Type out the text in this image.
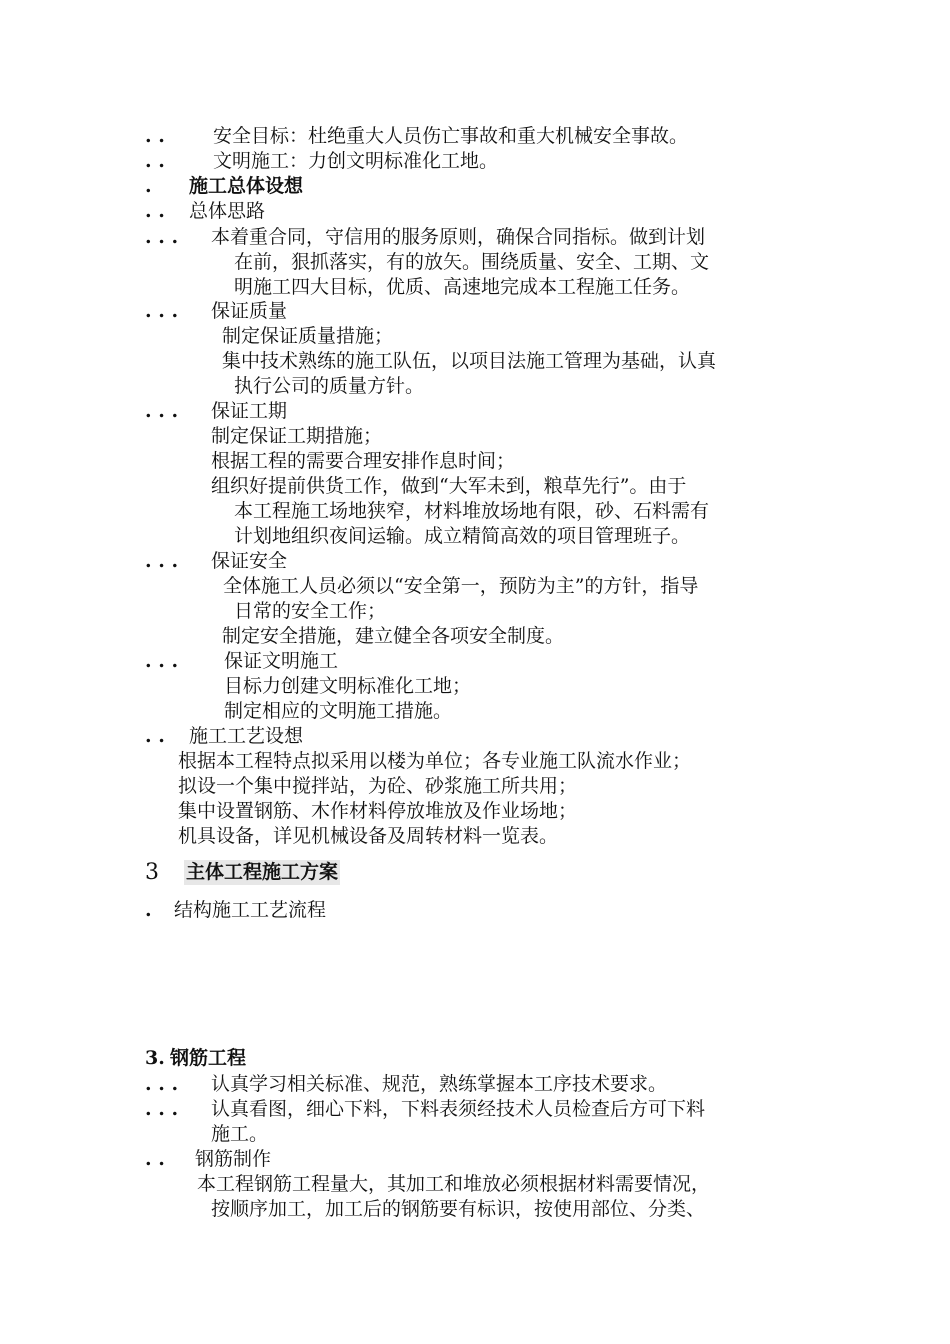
. .	安全目标：杜绝重大人员伤亡事故和重大机械安全事故。
. .	文明施工：力创文明标准化工地。
. 施工总体设想
. . 总体思路
. . . 本着重合同，守信用的服务原则，确保合同指标。做到计划
在前，狠抓落实，有的放矢。围绕质量、安全、工期、文
明施工四大目标，优质、高速地完成本工程施工任务。
. . . 保证质量
制定保证质量措施；
集中技术熟练的施工队伍，以项目法施工管理为基础，认真
执行公司的质量方针。
. . . 保证工期
制定保证工期措施；
根据工程的需要合理安排作息时间；
组织好提前供货工作，做到“大军未到，粮草先行”。由于
本工程施工场地狭窄，材料堆放场地有限，砂、石料需有
计划地组织夜间运输。成立精简高效的项目管理班子。
. . . 保证安全
全体施工人员必须以“安全第一，预防为主”的方针，指导
日常的安全工作；
制定安全措施，建立健全各项安全制度。
. . . 保证文明施工
目标力创建文明标准化工地；
制定相应的文明施工措施。
. . 施工工艺设想
根据本工程特点拟采用以楼为单位；各专业施工队流水作业；
拟设一个集中搅拌站，为砼、砂浆施工所共用；
集中设置钢筋、木作材料停放堆放及作业场地；
机具设备，详见机械设备及周转材料一览表。
3 主体工程施工方案
. 结构施工工艺流程
3. 钢筋工程
. . . 认真学习相关标准、规范，熟练掌握本工序技术要求。
. . . 认真看图，细心下料，下料表须经技术人员检查后方可下料
施工。
. . 钢筋制作
本工程钢筋工程量大，其加工和堆放必须根据材料需要情况，
按顺序加工，加工后的钢筋要有标识，按使用部位、分类、
